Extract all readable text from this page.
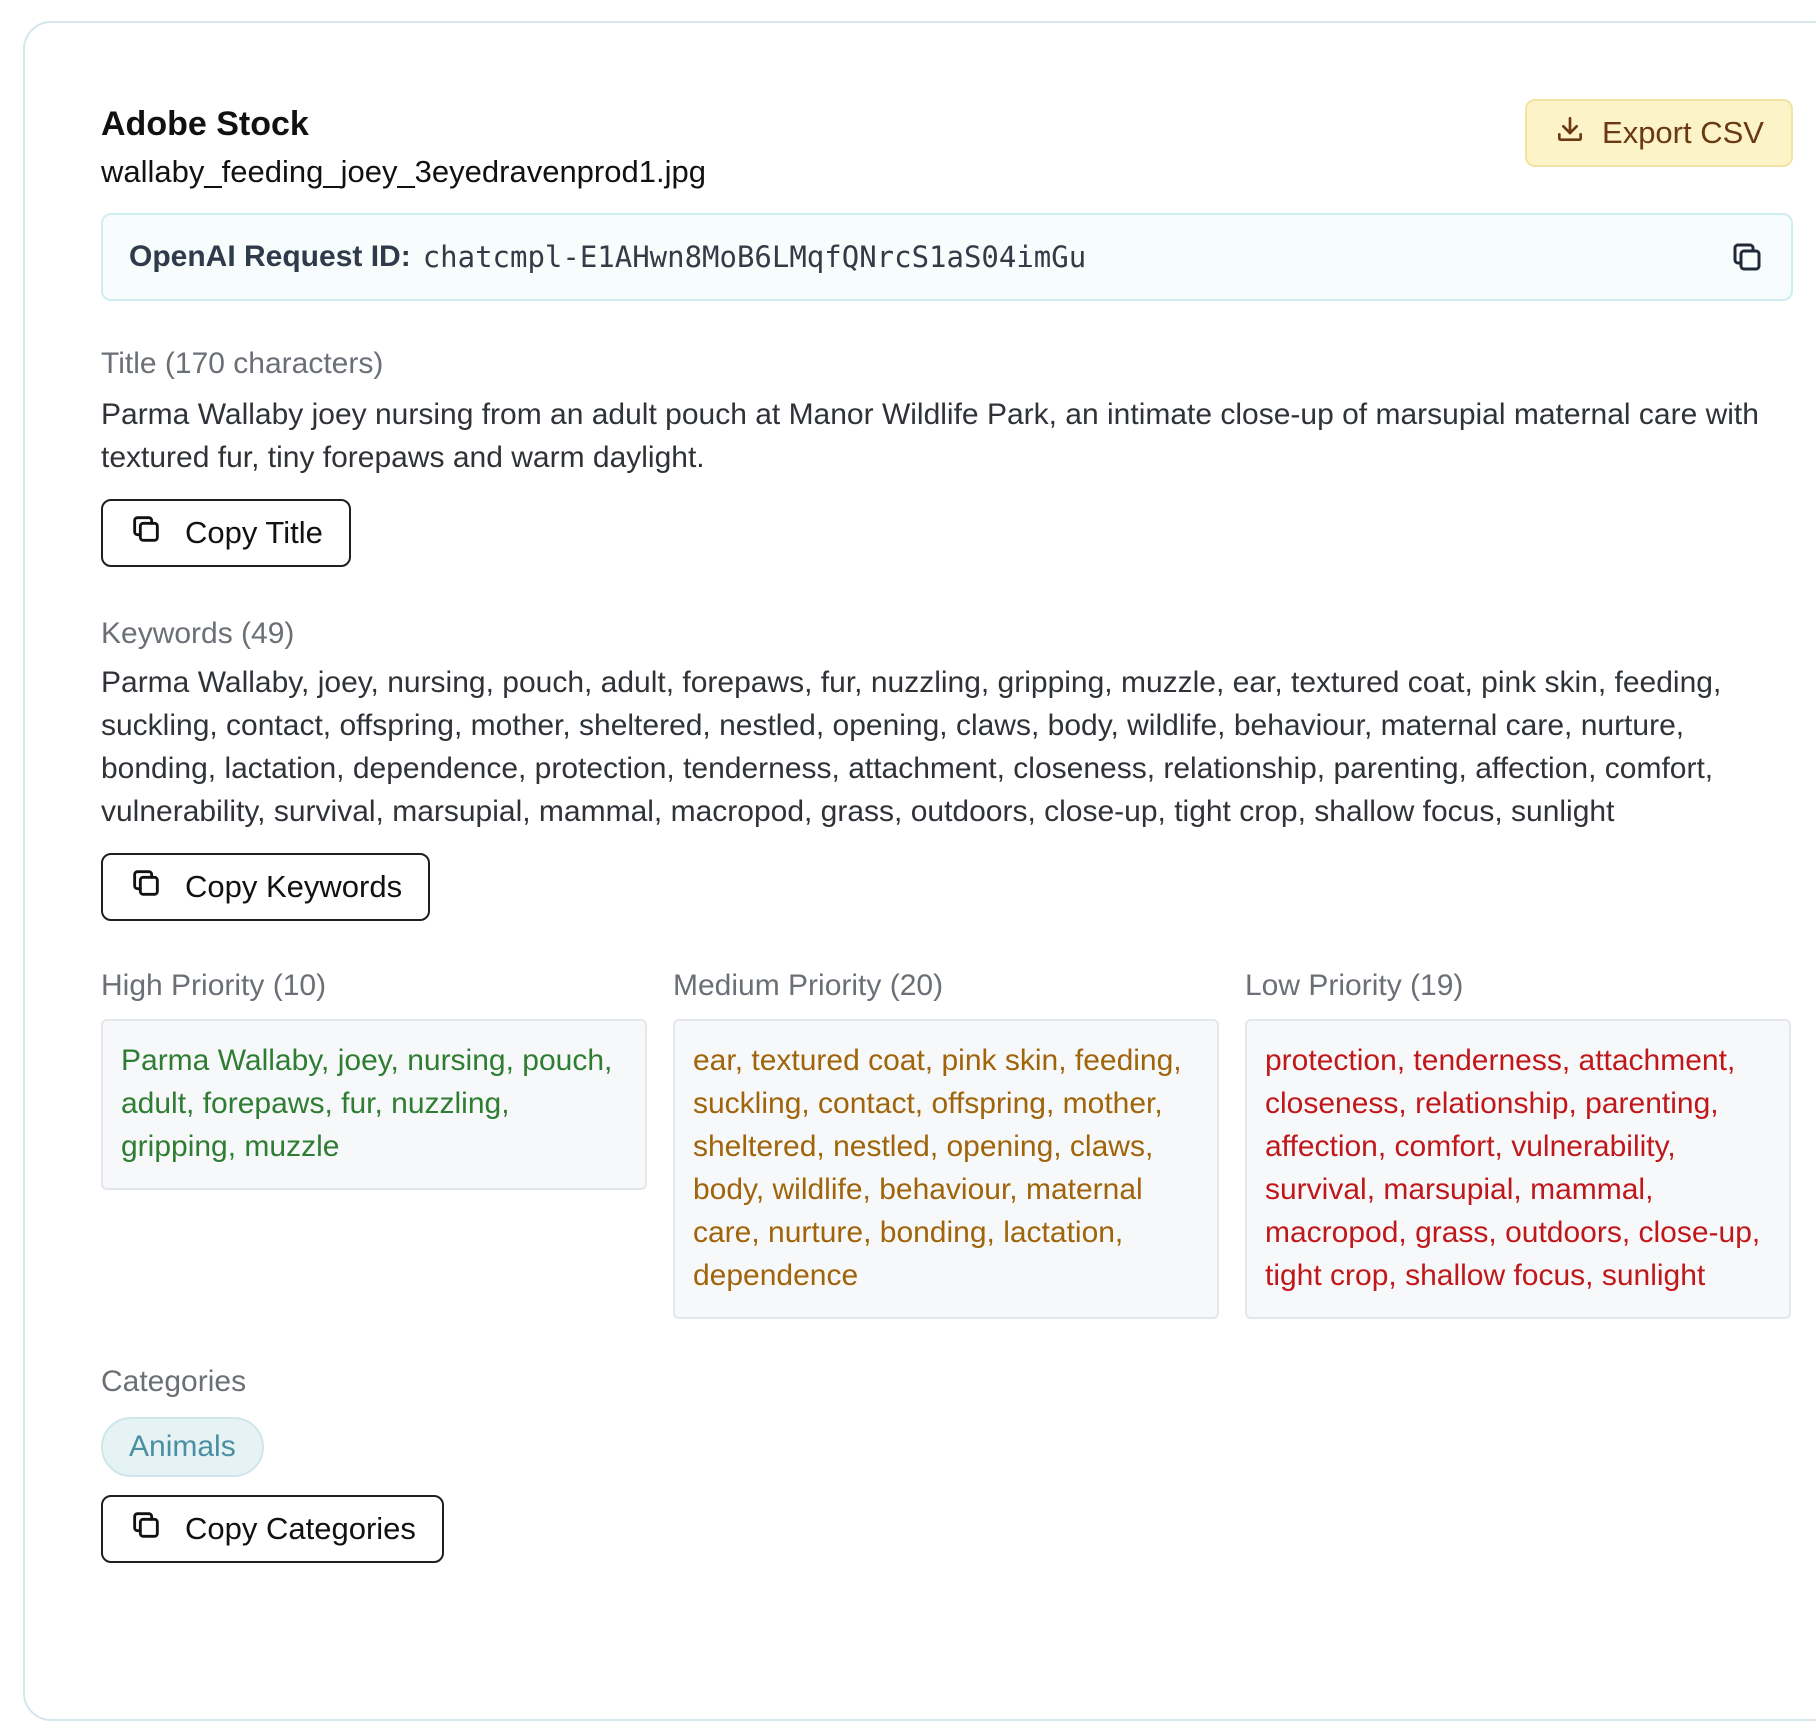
Adobe Stock
wallaby_feeding_joey_3eyedravenprod1.jpg
Export CSV
OpenAI Request ID: chatcmpl-E1AHwn8MoB6LMqfQNrcS1aS04imGu
Title (170 characters)
Parma Wallaby joey nursing from an adult pouch at Manor Wildlife Park, an intimate close-up of marsupial maternal care with textured fur, tiny forepaws and warm daylight.
Copy Title
Keywords (49)
Parma Wallaby, joey, nursing, pouch, adult, forepaws, fur, nuzzling, gripping, muzzle, ear, textured coat, pink skin, feeding, suckling, contact, offspring, mother, sheltered, nestled, opening, claws, body, wildlife, behaviour, maternal care, nurture, bonding, lactation, dependence, protection, tenderness, attachment, closeness, relationship, parenting, affection, comfort, vulnerability, survival, marsupial, mammal, macropod, grass, outdoors, close-up, tight crop, shallow focus, sunlight
Copy Keywords
High Priority (10)
Parma Wallaby, joey, nursing, pouch, adult, forepaws, fur, nuzzling, gripping, muzzle
Medium Priority (20)
ear, textured coat, pink skin, feeding, suckling, contact, offspring, mother, sheltered, nestled, opening, claws, body, wildlife, behaviour, maternal care, nurture, bonding, lactation, dependence
Low Priority (19)
protection, tenderness, attachment, closeness, relationship, parenting, affection, comfort, vulnerability, survival, marsupial, mammal, macropod, grass, outdoors, close-up, tight crop, shallow focus, sunlight
Categories
Animals
Copy Categories
